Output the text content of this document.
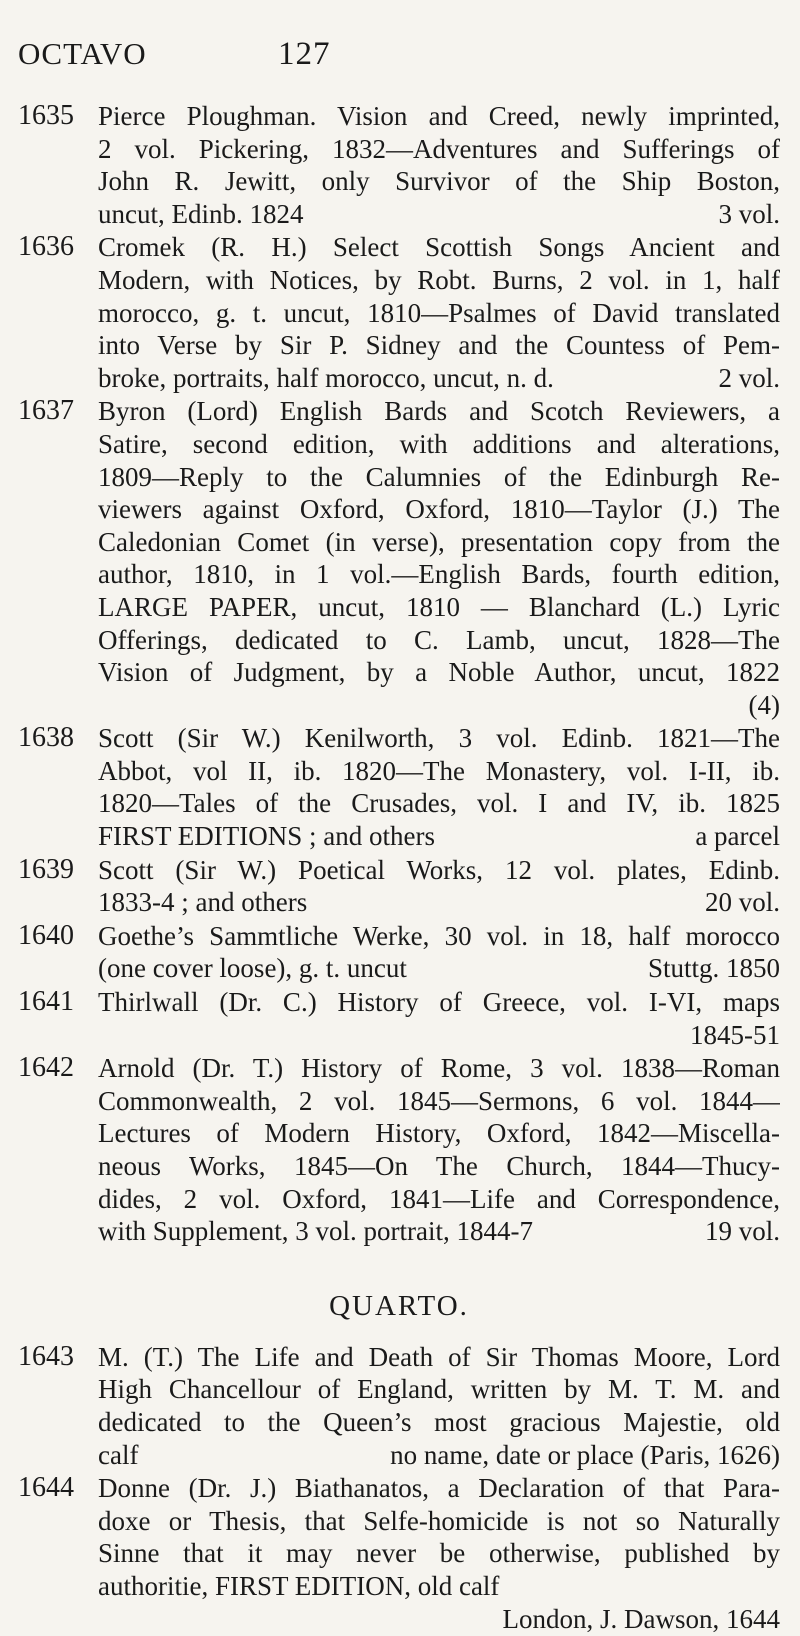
OCTAVO	127
1635 Pierce Ploughman. Vision and Creed, newly imprinted,
2 vol. Pickering, 1832—Adventures and Sufferings of
John R. Jewitt, only Survivor of the Ship Boston,
uncut, Edinb. 1824	3 vol.
1636 Cromek (R. H.) Select Scottish Songs Ancient and
Modern, with Notices, by Robt. Burns, 2 vol. in 1, half
morocco, g. t. uncut, 1810—Psalmes of David translated
into Verse by Sir P. Sidney and the Countess of Pem-
broke, portraits, half morocco, uncut, n. d.	2 vol.
1637 Byron (Lord) English Bards and Scotch Reviewers, a
Satire, second edition, with additions and alterations,
1809—Reply to the Calumnies of the Edinburgh Re-
viewers against Oxford, Oxford, 1810—Taylor (J.) The
Caledonian Comet (in verse), presentation copy from the
author, 1810, in 1 vol.—English Bards, fourth edition,
LARGE PAPER, uncut, 1810 — Blanchard (L.) Lyric
Offerings, dedicated to C. Lamb, uncut, 1828—The
Vision of Judgment, by a Noble Author, uncut, 1822
(4)
1638 Scott (Sir W.) Kenilworth, 3 vol. Edinb. 1821—The
Abbot, vol II, ib. 1820—The Monastery, vol. I-II, ib.
1820—Tales of the Crusades, vol. I and IV, ib. 1825
FIRST EDITIONS ; and others	a parcel
1639 Scott (Sir W.) Poetical Works, 12 vol. plates, Edinb.
1833-4 ; and others	20 vol.
1640 Goethe’s Sammtliche Werke, 30 vol. in 18, half morocco
(one cover loose), g. t. uncut	Stuttg. 1850
1641 Thirlwall (Dr. C.) History of Greece, vol. I-VI, maps
1845-51
1642 Arnold (Dr. T.) History of Rome, 3 vol. 1838—Roman
Commonwealth, 2 vol. 1845—Sermons, 6 vol. 1844—
Lectures of Modern History, Oxford, 1842—Miscella-
neous Works, 1845—On The Church, 1844—Thucy-
dides, 2 vol. Oxford, 1841—Life and Correspondence,
with Supplement, 3 vol. portrait, 1844-7	19 vol.
QUARTO.
1643 M. (T.) The Life and Death of Sir Thomas Moore, Lord
High Chancellour of England, written by M. T. M. and
dedicated to the Queen’s most gracious Majestie, old
calf	no name, date or place (Paris, 1626)
1644 Donne (Dr. J.) Biathanatos, a Declaration of that Para-
doxe or Thesis, that Selfe-homicide is not so Naturally
Sinne that it may never be otherwise, published by
authoritie, FIRST EDITION, old calf
London, J. Dawson, 1644
